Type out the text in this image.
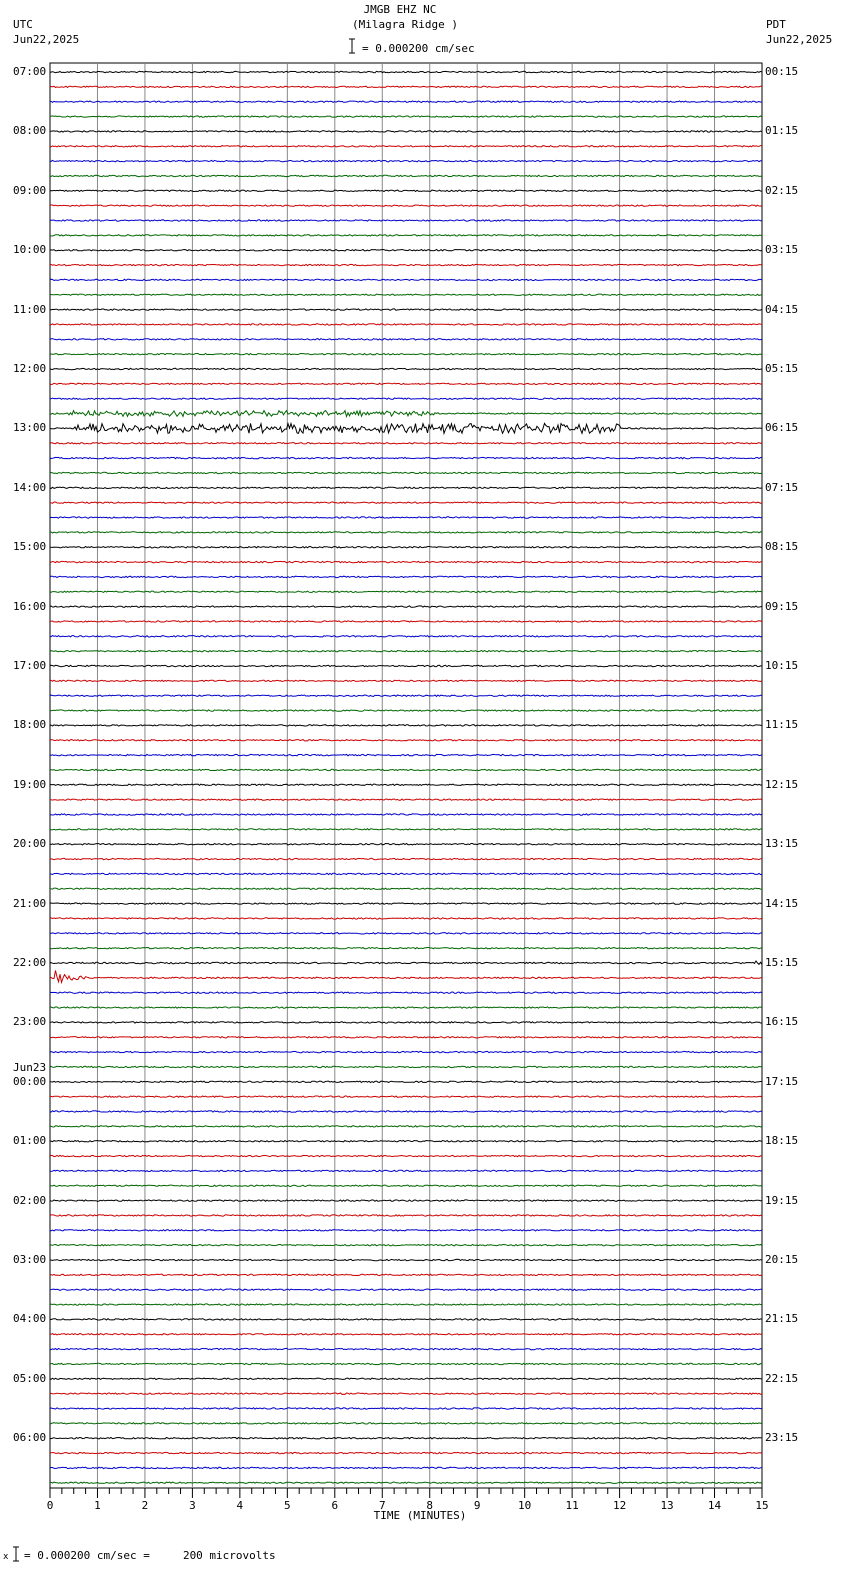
JMGB EHZ NC
(Milagra Ridge )
= 0.000200 cm/sec
UTC
Jun22,2025
PDT
Jun22,2025
0	1	2	3	4	5	6	7	8	9	10	11	12	13	14	15
07:00
08:00
09:00
10:00
11:00
12:00
13:00
14:00
15:00
16:00
17:00
18:00
19:00
20:00
21:00
22:00
23:00
00:00
Jun23
01:00
02:00
03:00
04:00
05:00
06:00
00:15
01:15
02:15
03:15
04:15
05:15
06:15
07:15
08:15
09:15
10:15
11:15
12:15
13:15
14:15
15:15
16:15
17:15
18:15
19:15
20:15
21:15
22:15
23:15
TIME (MINUTES)
x = 0.000200 cm/sec =     200 microvolts
